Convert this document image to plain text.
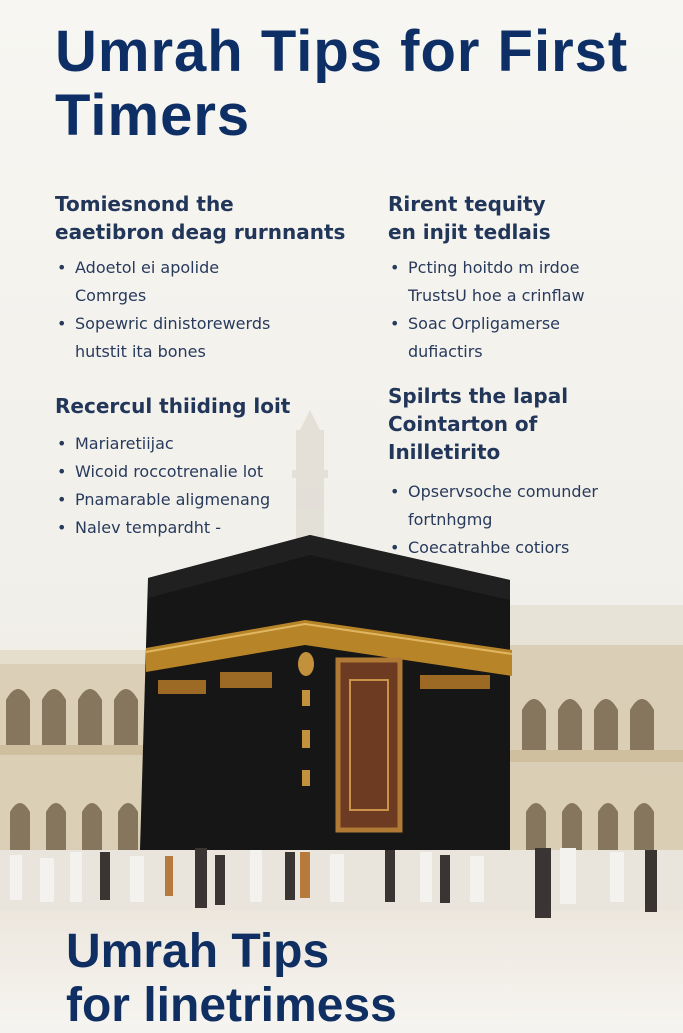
Umrah Tips for First Timers
Tomiesnond the
eaetibron deag rurnnants
• Adoetol ei apolide
Comrges
• Sopewric dinistorewerds
hutstit ita bones
Rirent tequity
en injit tedlais
• Pcting hoitdo m irdoe
TrustsU hoe a crinflaw
• Soac Orpligamerse
dufiactirs
Recercul thiiding loit
• Mariaretiijac
• Wicoid roccotrenalie lot
• Pnamarable aligmenang
• Nalev tempardht -
Spilrts the lapal
Cointarton of
Inilletirito
• Opservsoche comunder
fortnhgmg
• Coecatrahbe cotiors
Umrah Tips
for linetrimess
